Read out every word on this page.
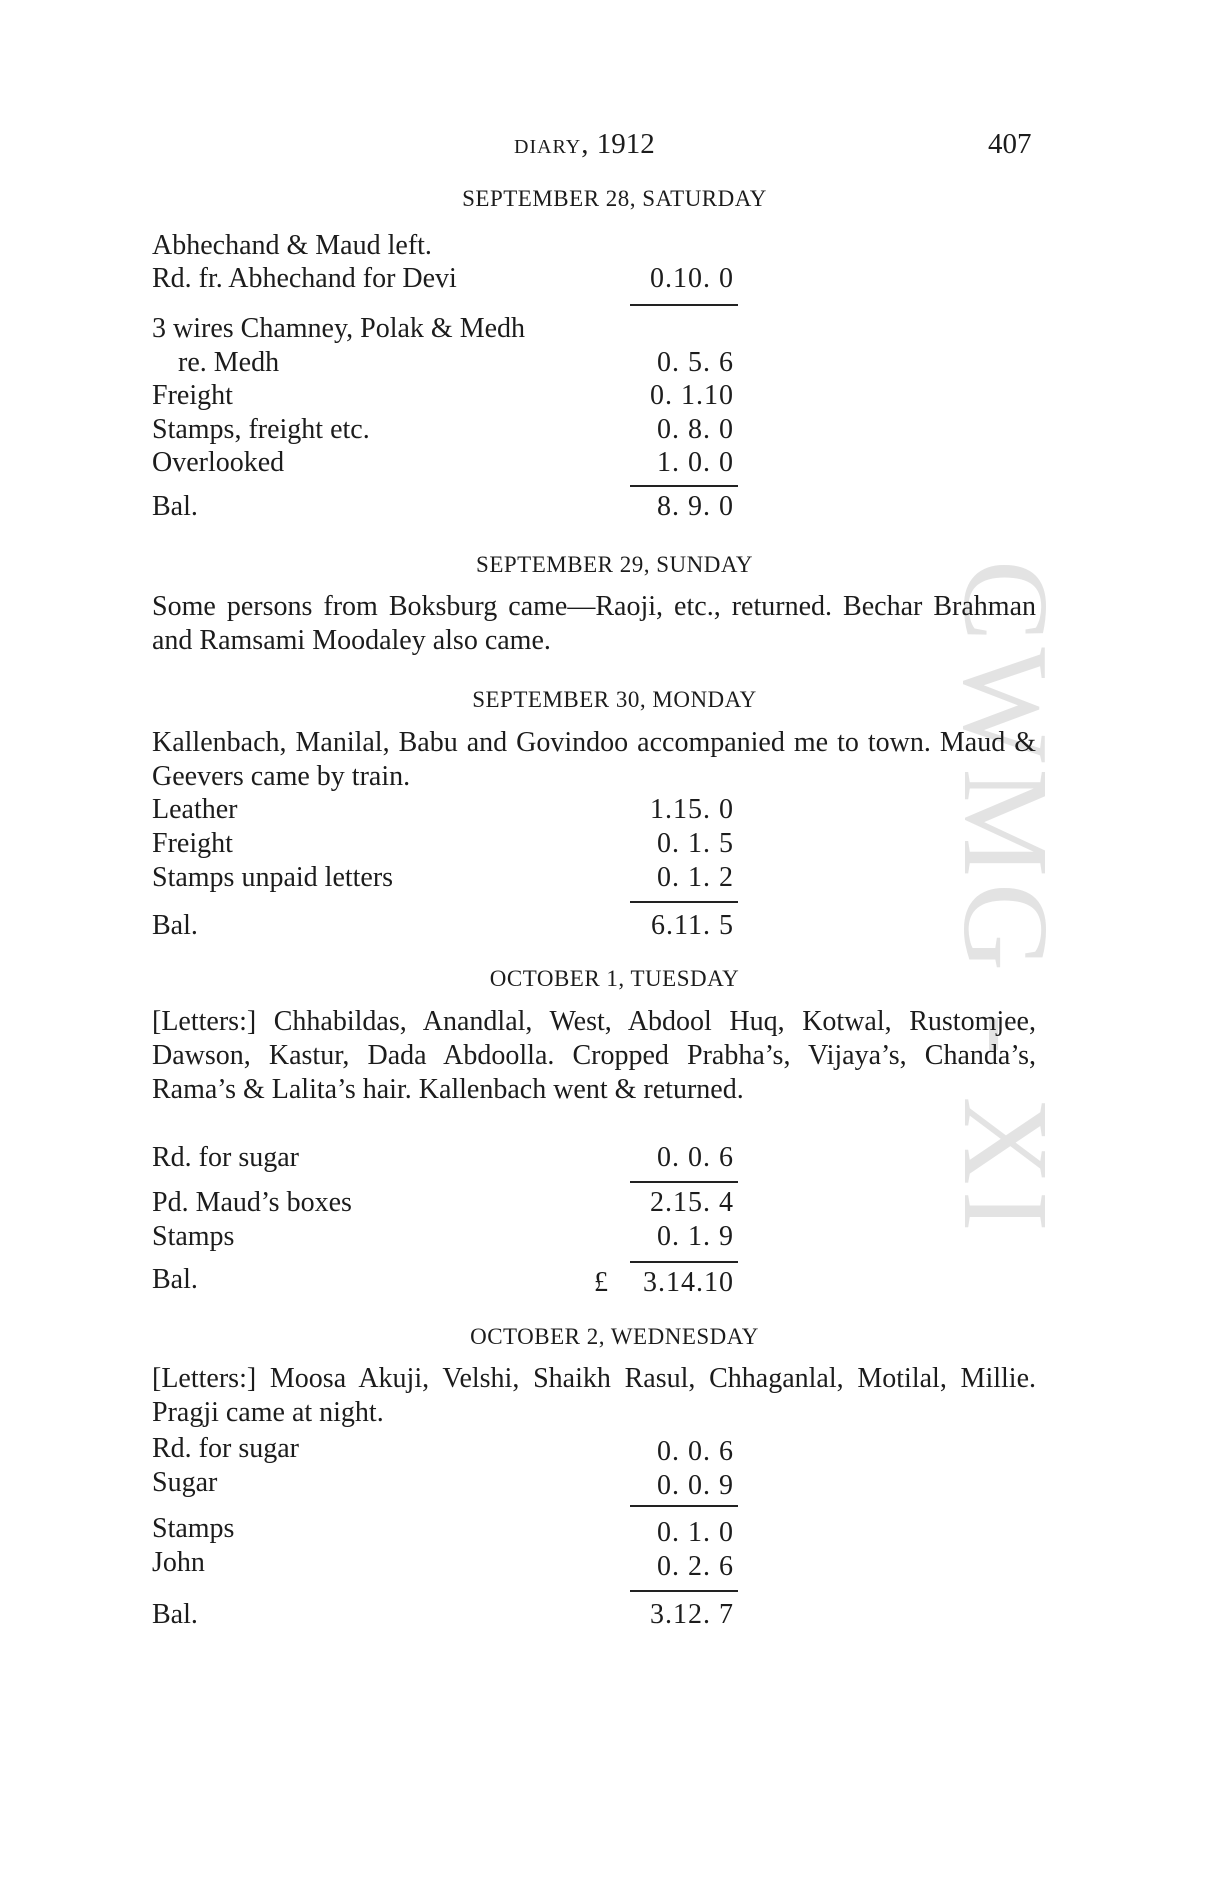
CWMG - XI
diary, 1912	407
SEPTEMBER 28, SATURDAY
Abhechand & Maud left.
Rd. fr. Abhechand for Devi	0.10. 0
3 wires Chamney, Polak & Medh
re. Medh	0. 5. 6
Freight	0. 1.10
Stamps, freight etc.	0. 8. 0
Overlooked	1. 0. 0
Bal.	8. 9. 0
SEPTEMBER 29, SUNDAY
Some persons from Boksburg came—Raoji, etc., returned. Bechar Brahman and Ramsami Moodaley also came.
SEPTEMBER 30, MONDAY
Kallenbach, Manilal, Babu and Govindoo accompanied me to town. Maud & Geevers came by train.
Leather	1.15. 0
Freight	0. 1. 5
Stamps unpaid letters	0. 1. 2
Bal.	6.11. 5
OCTOBER 1, TUESDAY
[Letters:] Chhabildas, Anandlal, West, Abdool Huq, Kotwal, Rustomjee, Dawson, Kastur, Dada Abdoolla. Cropped Prabha’s, Vijaya’s, Chanda’s, Rama’s & Lalita’s hair. Kallenbach went & returned.
Rd. for sugar	0. 0. 6
Pd. Maud’s boxes	2.15. 4
Stamps	0. 1. 9
Bal.	£	3.14.10
OCTOBER 2, WEDNESDAY
[Letters:] Moosa Akuji, Velshi, Shaikh Rasul, Chhaganlal, Motilal, Millie. Pragji came at night.
Rd. for sugar	0. 0. 6
Sugar	0. 0. 9
Stamps	0. 1. 0
John	0. 2. 6
Bal.	3.12. 7
